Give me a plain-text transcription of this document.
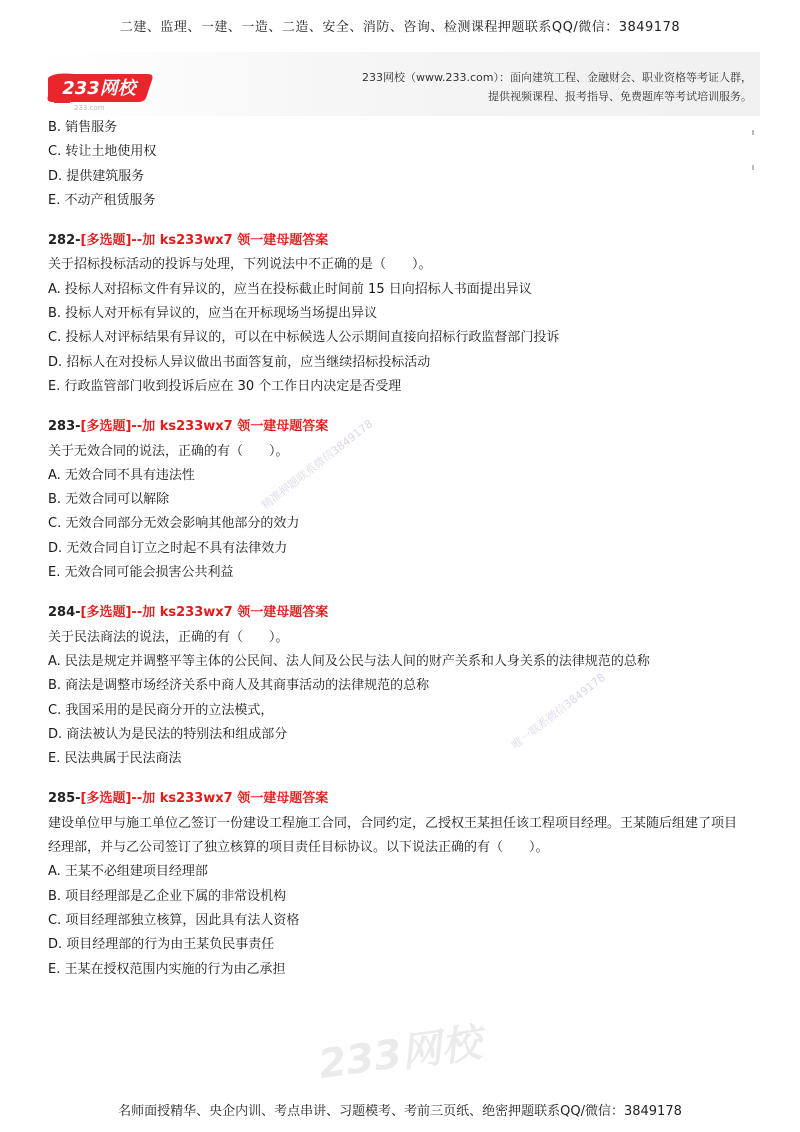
二建、监理、一建、一造、二造、安全、消防、咨询、检测课程押题联系QQ/微信：3849178
233网校
233.com
233网校（www.233.com）：面向建筑工程、金融财会、职业资格等考证人群，
提供视频课程、报考指导、免费题库等考试培训服务。

B. 销售服务

C. 转让土地使用权

D. 提供建筑服务

E. 不动产租赁服务

282-[多选题]--加 ks233wx7 领一建母题答案

关于招标投标活动的投诉与处理，下列说法中不正确的是（　　）。

A. 投标人对招标文件有异议的，应当在投标截止时间前 15 日向招标人书面提出异议

B. 投标人对开标有异议的，应当在开标现场当场提出异议

C. 投标人对评标结果有异议的，可以在中标候选人公示期间直接向招标行政监督部门投诉

D. 招标人在对投标人异议做出书面答复前，应当继续招标投标活动

E. 行政监管部门收到投诉后应在 30 个工作日内决定是否受理

283-[多选题]--加 ks233wx7 领一建母题答案

关于无效合同的说法，正确的有（　　）。

A. 无效合同不具有违法性

B. 无效合同可以解除

C. 无效合同部分无效会影响其他部分的效力

D. 无效合同自订立之时起不具有法律效力

E. 无效合同可能会损害公共利益

284-[多选题]--加 ks233wx7 领一建母题答案

关于民法商法的说法，正确的有（　　）。

A. 民法是规定并调整平等主体的公民间、法人间及公民与法人间的财产关系和人身关系的法律规范的总称

B. 商法是调整市场经济关系中商人及其商事活动的法律规范的总称

C. 我国采用的是民商分开的立法模式，

D. 商法被认为是民法的特别法和组成部分

E. 民法典属于民法商法

285-[多选题]--加 ks233wx7 领一建母题答案

建设单位甲与施工单位乙签订一份建设工程施工合同，合同约定，乙授权王某担任该工程项目经理。王某随后组建了项目经理部，并与乙公司签订了独立核算的项目责任目标协议。以下说法正确的有（　　）。

A. 王某不必组建项目经理部

B. 项目经理部是乙企业下属的非常设机构

C. 项目经理部独立核算，因此具有法人资格

D. 项目经理部的行为由王某负民事责任

E. 王某在授权范围内实施的行为由乙承担

精准押题联系微信3849178
唯一联系微信3849178
233网校
名师面授精华、央企内训、考点串讲、习题模考、考前三页纸、绝密押题联系QQ/微信：3849178
